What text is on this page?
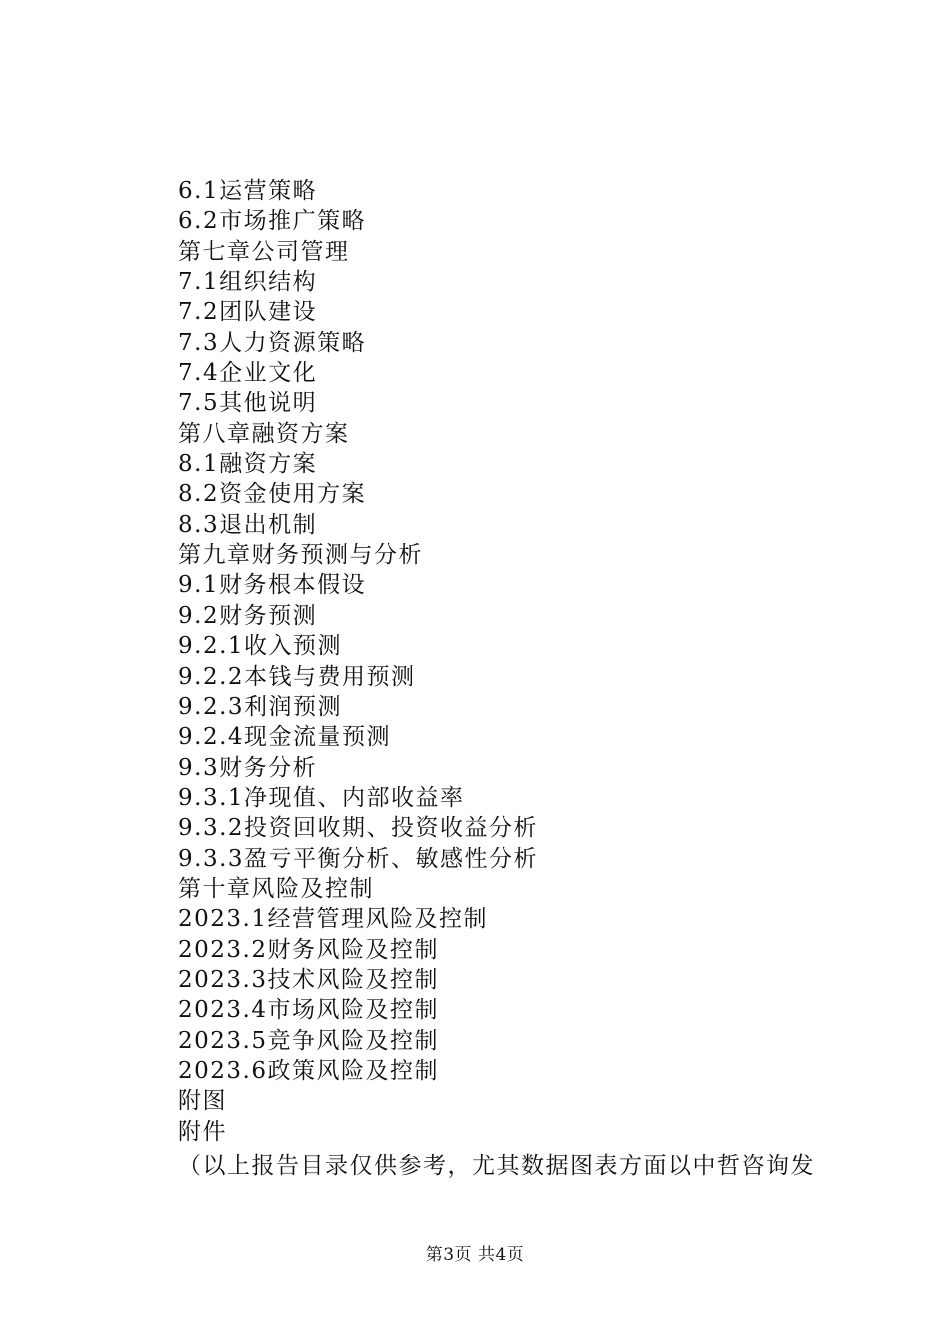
6.1运营策略
6.2市场推广策略
第七章公司管理
7.1组织结构
7.2团队建设
7.3人力资源策略
7.4企业文化
7.5其他说明
第八章融资方案
8.1融资方案
8.2资金使用方案
8.3退出机制
第九章财务预测与分析
9.1财务根本假设
9.2财务预测
9.2.1收入预测
9.2.2本钱与费用预测
9.2.3利润预测
9.2.4现金流量预测
9.3财务分析
9.3.1净现值、内部收益率
9.3.2投资回收期、投资收益分析
9.3.3盈亏平衡分析、敏感性分析
第十章风险及控制
2023.1经营管理风险及控制
2023.2财务风险及控制
2023.3技术风险及控制
2023.4市场风险及控制
2023.5竞争风险及控制
2023.6政策风险及控制
附图
附件
（以上报告目录仅供参考，尤其数据图表方面以中哲咨询发
第3页 共4页
